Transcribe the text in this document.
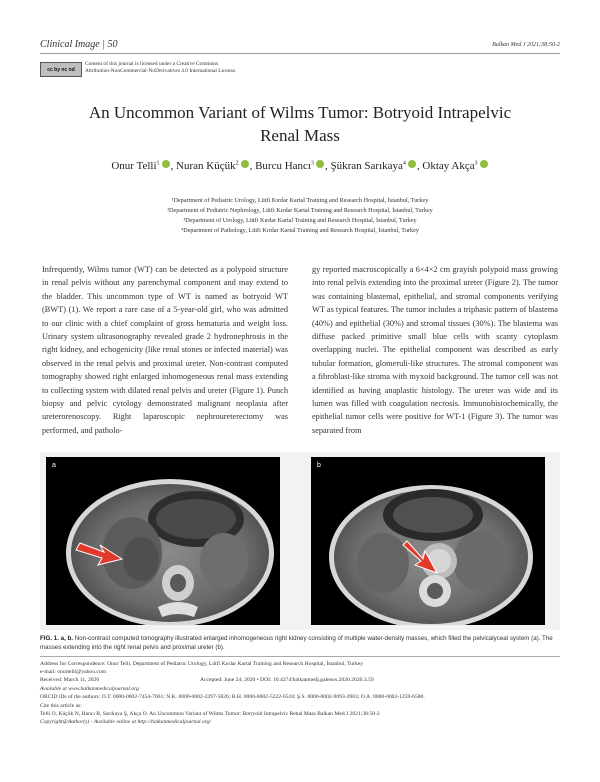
Clinical Image | 50	Balkan Med J 2021;38:50-2
cc by nc nd
Content of this journal is licensed under a Creative Commons
Attribution-NonCommercial-NoDerivatives 4.0 International License.
An Uncommon Variant of Wilms Tumor: Botryoid Intrapelvic
Renal Mass
Onur Telli$^1$ , Nuran Küçük$^2$ , Burcu Hancı$^3$ , Şükran Sarıkaya$^4$ , Oktay Akça$^3$
¹Department of Pediatric Urology, Lütfi Kırdar Kartal Training and Research Hospital, İstanbul, Turkey
²Department of Pediatric Nephrology, Lütfi Kırdar Kartal Training and Research Hospital, İstanbul, Turkey
³Department of Urology, Lütfi Kırdar Kartal Training and Research Hospital, İstanbul, Turkey
⁴Department of Pathology, Lütfi Kırdar Kartal Training and Research Hospital, İstanbul, Turkey

Infrequently, Wilms tumor (WT) can be detected as a polypoid structure in renal pelvis without any parenchymal component and may extend to the bladder. This uncommon type of WT is named as botryoid WT (BWT) (1). We report a rare case of a 5-year-old girl, who was admitted to our clinic with a chief complaint of gross hematuria and weight loss. Urinary system ultrasonography revealed grade 2 hydronephrosis in the right kidney, and echogenicity (like renal stones or infected material) was observed in the renal pelvis and proximal ureter. Non-contrast computed tomography showed right enlarged inhomogeneous renal mass extending to collecting system with dilated renal pelvis and ureter (Figure 1). Punch biopsy and pelvic cytology demonstrated malignant neoplasia after ureterorenoscopy. Right laparoscopic nephroureterectomy was performed, and patholo-

gy reported macroscopically a 6×4×2 cm grayish polypoid mass growing into renal pelvis extending into the proximal ureter (Figure 2). The tumor was containing blastemal, epithelial, and stromal components verifying WT as typical features. The tumor includes a triphasic pattern of blastema (40%) and epithelial (30%) and stromal tissues (30%). The blastema was diffuse packed primitive small blue cells with scanty cytoplasm overlapping nuclei. The epithelial component was described as early tubular formation, glomeruli-like structures. The stromal component was a fibroblast-like stroma with myxoid background. The tumor cell was not identified as having anaplastic histology. The ureter was wide and its lumen was filled with coagulation necrosis. Immunohistochemically, the epithelial tumor cells were positive for WT-1 (Figure 3). The tumor was separated from

a	b
FIG. 1. a, b. Non-contrast computed tomography illustrated enlarged inhomogeneous right kidney consisting of multiple water-density masses, which filled the pelvicalyceal system (a). The masses extending into the right renal pelvis and proximal ureter (b).
Address for Correspondence: Onur Telli, Department of Pediatric Urology, Lütfi Kırdar Kartal Training and Research Hospital, İstanbul, Turkey
e-mail: onurtelli@yahoo.com
Received: March 11, 2020	Accepted: June 24, 2020 • DOI: 10.4274/balkanmedj.galenos.2020.2020.3.59
Available at www.balkanmedicaljournal.org
ORCID iDs of the authors: O.T. 0000-0002-7454-7661; N.K. 0000-0002-2397-5826; B.H. 0000-0002-5222-6518; Ş.S. 0000-0002-9093-3903; O.A. 0000-0002-1259-6580.
Cite this article as:
Telli O, Küçük N, Hancı B, Sarıkaya Ş, Akça O. An Uncommon Variant of Wilms Tumor: Botryoid Intrapelvic Renal Mass Balkan Med J 2021;38:50-2
Copyright@Author(s) - Available online at http://balkanmedicaljournal.org/
